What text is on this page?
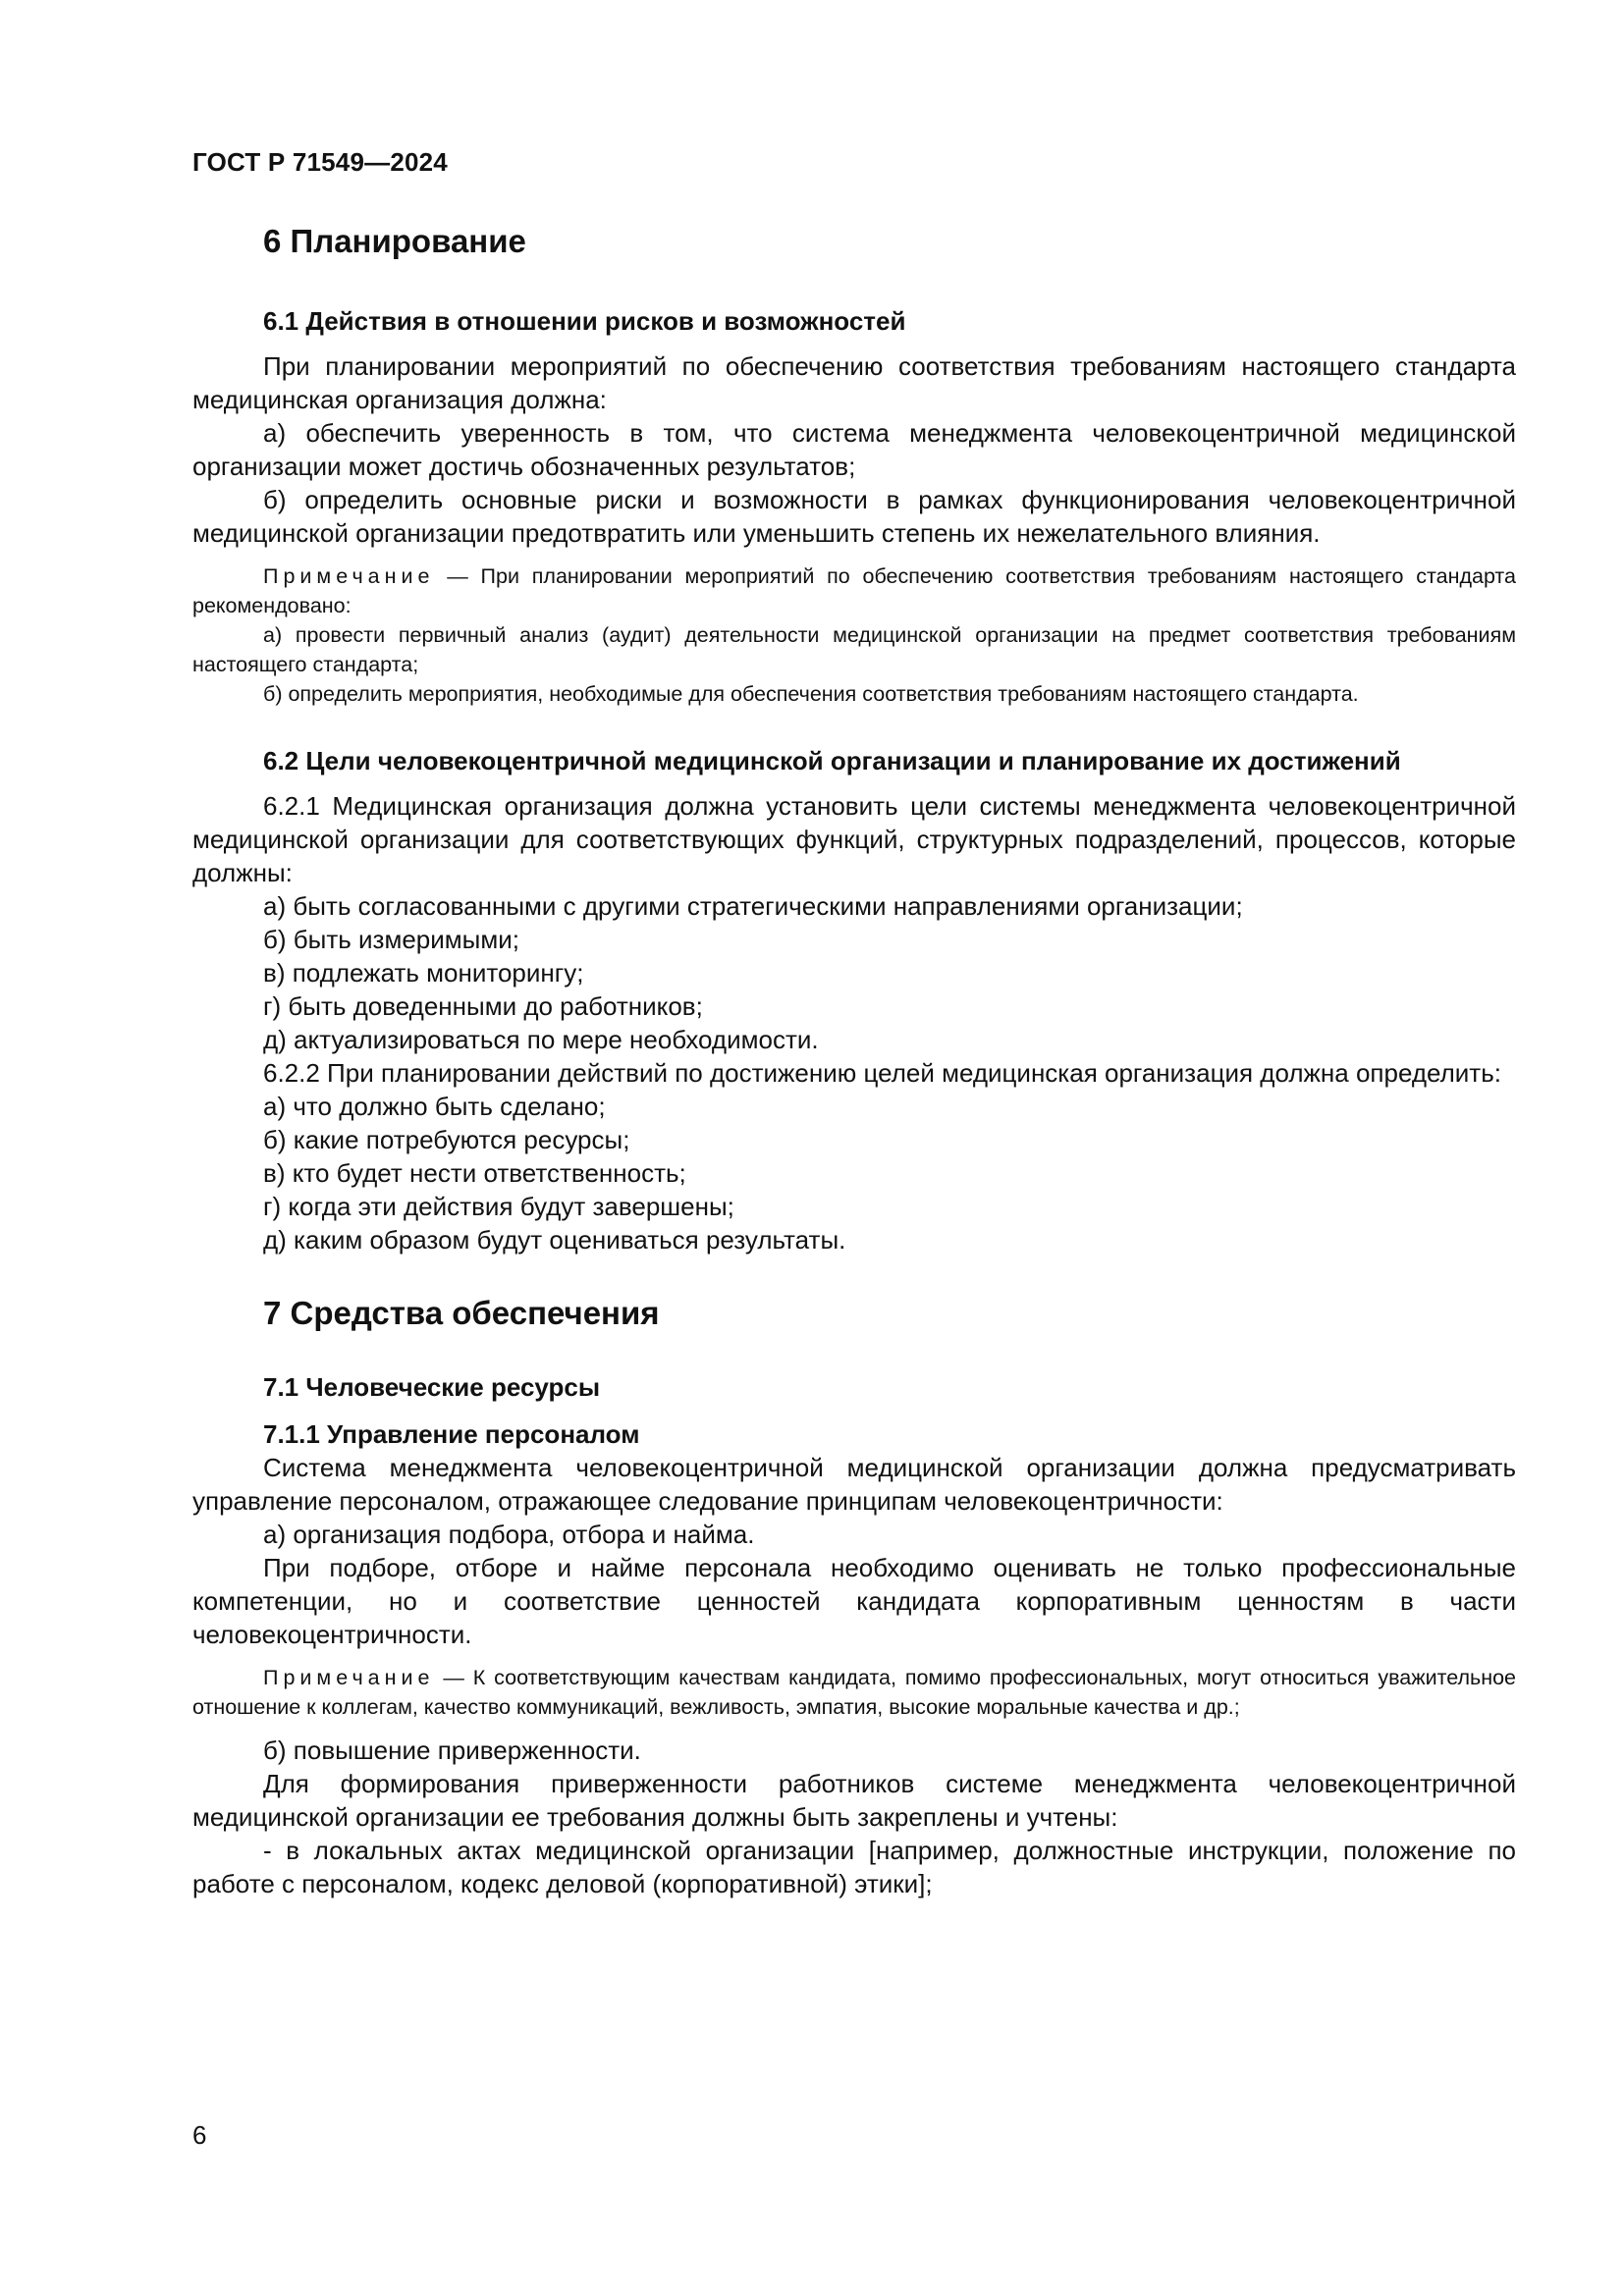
ГОСТ Р 71549—2024
6 Планирование
6.1 Действия в отношении рисков и возможностей

При планировании мероприятий по обеспечению соответствия требованиям настоящего стандарта медицинская организация должна:

а) обеспечить уверенность в том, что система менеджмента человекоцентричной медицинской организации может достичь обозначенных результатов;

б) определить основные риски и возможности в рамках функционирования человекоцентричной медицинской организации предотвратить или уменьшить степень их нежелательного влияния.

Примечание — При планировании мероприятий по обеспечению соответствия требованиям настоящего стандарта рекомендовано:

а) провести первичный анализ (аудит) деятельности медицинской организации на предмет соответствия требованиям настоящего стандарта;

б) определить мероприятия, необходимые для обеспечения соответствия требованиям настоящего стандарта.

6.2 Цели человекоцентричной медицинской организации и планирование их достижений

6.2.1 Медицинская организация должна установить цели системы менеджмента человекоцентричной медицинской организации для соответствующих функций, структурных подразделений, процессов, которые должны:

а) быть согласованными с другими стратегическими направлениями организации;

б) быть измеримыми;

в) подлежать мониторингу;

г) быть доведенными до работников;

д) актуализироваться по мере необходимости.

6.2.2 При планировании действий по достижению целей медицинская организация должна определить:

а) что должно быть сделано;

б) какие потребуются ресурсы;

в) кто будет нести ответственность;

г) когда эти действия будут завершены;

д) каким образом будут оцениваться результаты.

7 Средства обеспечения
7.1 Человеческие ресурсы
7.1.1 Управление персоналом

Система менеджмента человекоцентричной медицинской организации должна предусматривать управление персоналом, отражающее следование принципам человекоцентричности:

а) организация подбора, отбора и найма.

При подборе, отборе и найме персонала необходимо оценивать не только профессиональные компетенции, но и соответствие ценностей кандидата корпоративным ценностям в части человекоцентричности.

Примечание — К соответствующим качествам кандидата, помимо профессиональных, могут относиться уважительное отношение к коллегам, качество коммуникаций, вежливость, эмпатия, высокие моральные качества и др.;

б) повышение приверженности.

Для формирования приверженности работников системе менеджмента человекоцентричной медицинской организации ее требования должны быть закреплены и учтены:

- в локальных актах медицинской организации [например, должностные инструкции, положение по работе с персоналом, кодекс деловой (корпоративной) этики];

6
